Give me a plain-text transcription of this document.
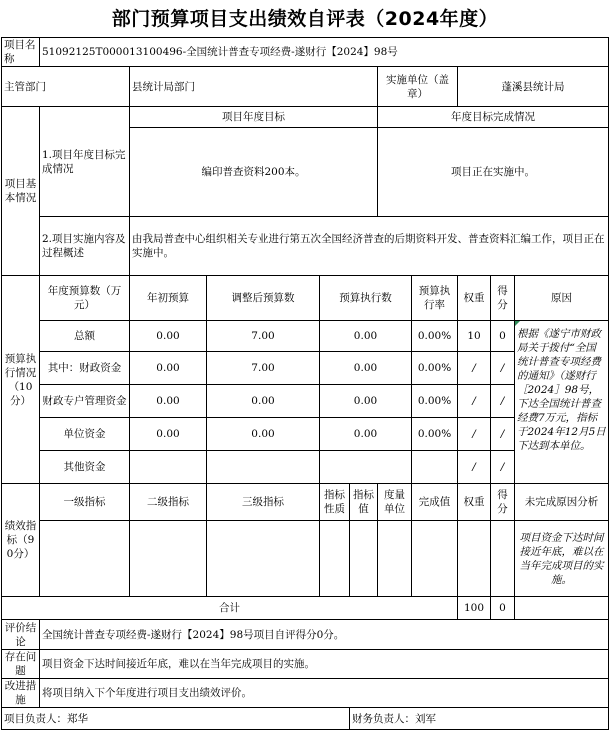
部门预算项目支出绩效自评表（2024年度）
项目名称	51092125T000013100496-全国统计普查专项经费-遂财行【2024】98号									
主管部门		县统计局部门				实施单位（盖章）		蓬溪县统计局		
项目基本情况	1.项目年度目标完成情况	项目年度目标				年度目标完成情况				
		编印普查资料200本。				项目正在实施中。				
	2.项目实施内容及过程概述	由我局普查中心组织相关专业进行第五次全国经济普查的后期资料开发、普查资料汇编工作，项目正在实施中。								

预算执行情况（10分）	年度预算数（万元）	年初预算	调整后预算数	预算执行数			预算执行率	权重	得分	原因
	总额	0.00	7.00	0.00			0.00%	10	0	根据《遂宁市财政局关于拨付“全国统计普查专项经费的通知》（遂财行［2024］98号，下达全国统计普查经费7万元，指标于2024年12月5日下达到本单位。
	其中：财政资金	0.00	7.00	0.00			0.00%	/	/	
	财政专户管理资金	0.00	0.00	0.00			0.00%	/	/	
	单位资金	0.00	0.00	0.00			0.00%	/	/	
	其他资金							/	/	
绩效指标（90分）	一级指标	二级指标	三级指标	指标性质	指标值	度量单位	完成值	权重	得分	未完成原因分析
										项目资金下达时间接近年底，难以在当年完成项目的实施。
合计								100	0	
评价结论	全国统计普查专项经费-遂财行【2024】98号项目自评得分0分。									
存在问题	项目资金下达时间接近年底，难以在当年完成项目的实施。									
改进措施	将项目纳入下个年度进行项目支出绩效评价。									
项目负责人：郑华					财务负责人：刘军					
